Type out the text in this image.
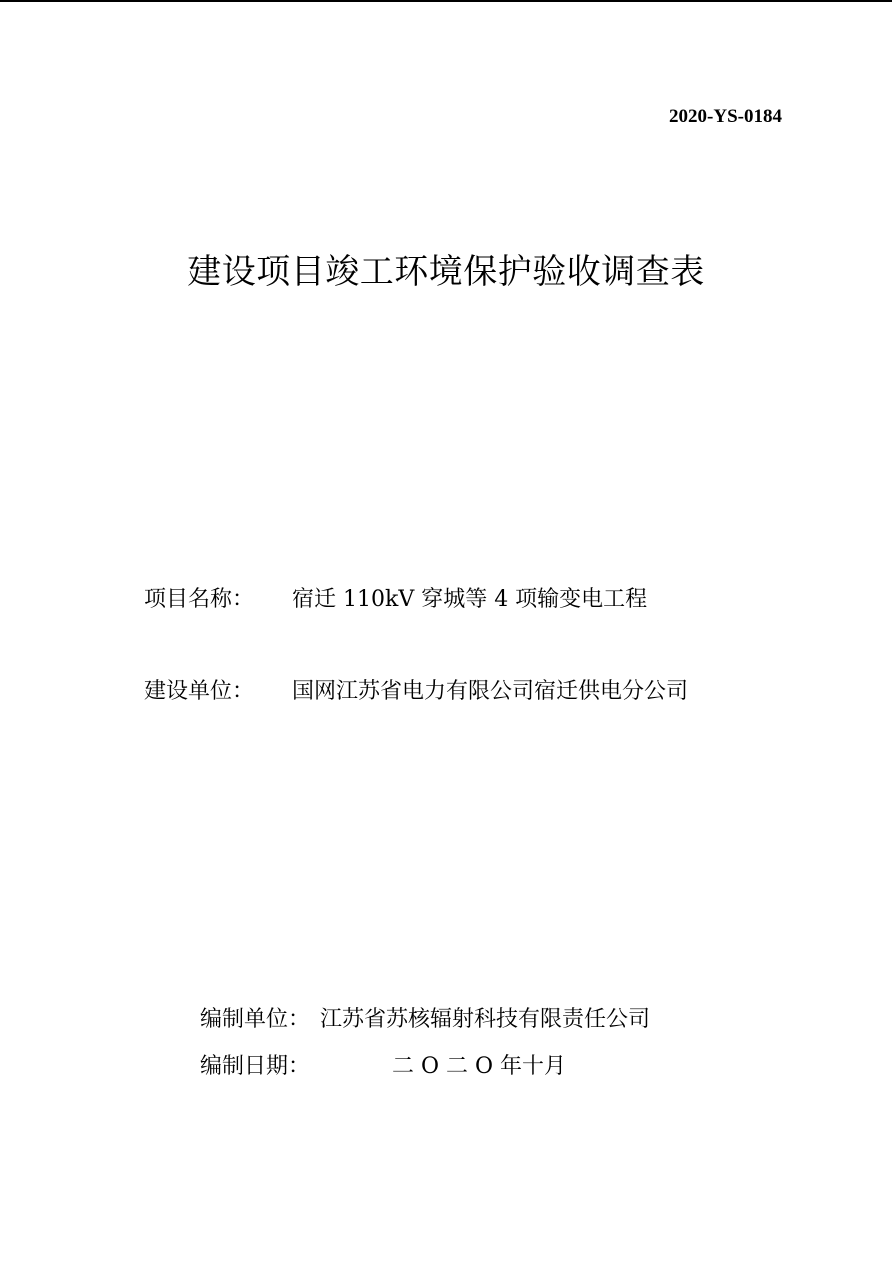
2020-YS-0184
建设项目竣工环境保护验收调查表
项目名称： 宿迁 110kV 穿城等 4 项输变电工程
建设单位： 国网江苏省电力有限公司宿迁供电分公司
编制单位： 江苏省苏核辐射科技有限责任公司
编制日期：	二 O 二 O 年十月
